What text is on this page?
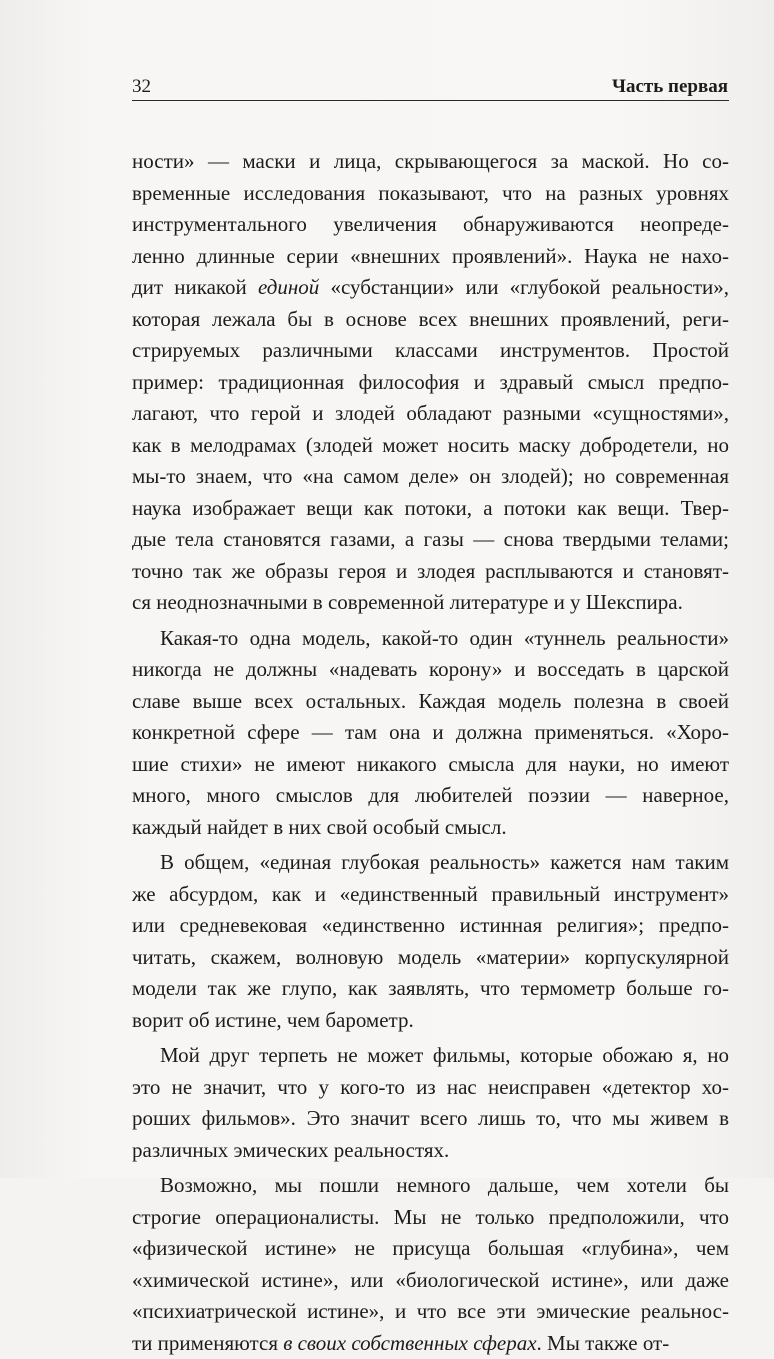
32	Часть первая
ности» — маски и лица, скрывающегося за маской. Но со-
временные исследования показывают, что на разных уровнях
инструментального увеличения обнаруживаются неопреде-
ленно длинные серии «внешних проявлений». Наука не нахо-
дит никакой единой «субстанции» или «глубокой реальности»,
которая лежала бы в основе всех внешних проявлений, реги-
стрируемых различными классами инструментов. Простой
пример: традиционная философия и здравый смысл предпо-
лагают, что герой и злодей обладают разными «сущностями»,
как в мелодрамах (злодей может носить маску добродетели, но
мы-то знаем, что «на самом деле» он злодей); но современная
наука изображает вещи как потоки, а потоки как вещи. Твер-
дые тела становятся газами, а газы — снова твердыми телами;
точно так же образы героя и злодея расплываются и становят-
ся неоднозначными в современной литературе и у Шекспира.
Какая-то одна модель, какой-то один «туннель реальности»
никогда не должны «надевать корону» и восседать в царской
славе выше всех остальных. Каждая модель полезна в своей
конкретной сфере — там она и должна применяться. «Хоро-
шие стихи» не имеют никакого смысла для науки, но имеют
много, много смыслов для любителей поэзии — наверное,
каждый найдет в них свой особый смысл.
В общем, «единая глубокая реальность» кажется нам таким
же абсурдом, как и «единственный правильный инструмент»
или средневековая «единственно истинная религия»; предпо-
читать, скажем, волновую модель «материи» корпускулярной
модели так же глупо, как заявлять, что термометр больше го-
ворит об истине, чем барометр.
Мой друг терпеть не может фильмы, которые обожаю я, но
это не значит, что у кого-то из нас неисправен «детектор хо-
роших фильмов». Это значит всего лишь то, что мы живем в
различных эмических реальностях.
Возможно, мы пошли немного дальше, чем хотели бы
строгие операционалисты. Мы не только предположили, что
«физической истине» не присуща большая «глубина», чем
«химической истине», или «биологической истине», или даже
«психиатрической истине», и что все эти эмические реальнос-
ти применяются в своих собственных сферах. Мы также от-
